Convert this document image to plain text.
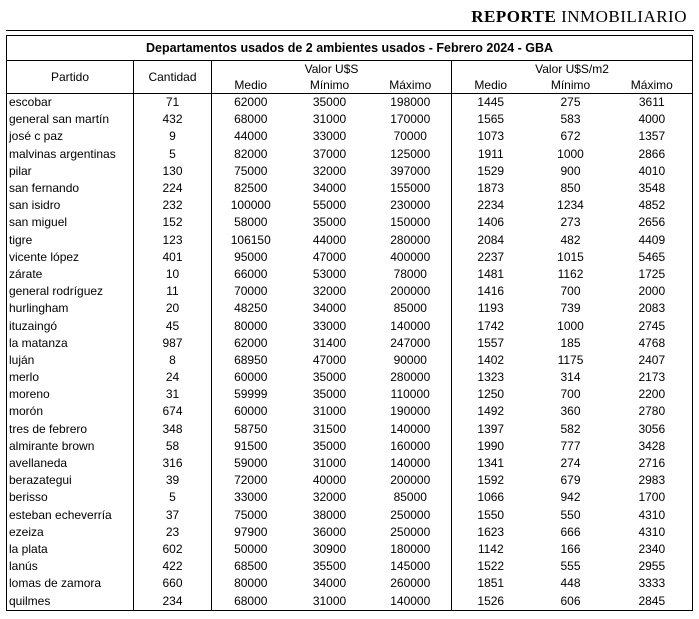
REPORTE INMOBILIARIO
Departamentos usados de 2 ambientes usados - Febrero 2024 - GBA							
Partido	Cantidad	Valor U$S			Valor U$S/m2		
		Medio	Mínimo	Máximo	Medio	Mínimo	Máximo
escobar	71	62000	35000	198000	1445	275	3611
general san martín	432	68000	31000	170000	1565	583	4000
josé c paz	9	44000	33000	70000	1073	672	1357
malvinas argentinas	5	82000	37000	125000	1911	1000	2866
pilar	130	75000	32000	397000	1529	900	4010
san fernando	224	82500	34000	155000	1873	850	3548
san isidro	232	100000	55000	230000	2234	1234	4852
san miguel	152	58000	35000	150000	1406	273	2656
tigre	123	106150	44000	280000	2084	482	4409
vicente lópez	401	95000	47000	400000	2237	1015	5465
zárate	10	66000	53000	78000	1481	1162	1725
general rodríguez	11	70000	32000	200000	1416	700	2000
hurlingham	20	48250	34000	85000	1193	739	2083
ituzaingó	45	80000	33000	140000	1742	1000	2745
la matanza	987	62000	31400	247000	1557	185	4768
luján	8	68950	47000	90000	1402	1175	2407
merlo	24	60000	35000	280000	1323	314	2173
moreno	31	59999	35000	110000	1250	700	2200
morón	674	60000	31000	190000	1492	360	2780
tres de febrero	348	58750	31500	140000	1397	582	3056
almirante brown	58	91500	35000	160000	1990	777	3428
avellaneda	316	59000	31000	140000	1341	274	2716
berazategui	39	72000	40000	200000	1592	679	2983
berisso	5	33000	32000	85000	1066	942	1700
esteban echeverría	37	75000	38000	250000	1550	550	4310
ezeiza	23	97900	36000	250000	1623	666	4310
la plata	602	50000	30900	180000	1142	166	2340
lanús	422	68500	35500	145000	1522	555	2955
lomas de zamora	660	80000	34000	260000	1851	448	3333
quilmes	234	68000	31000	140000	1526	606	2845
